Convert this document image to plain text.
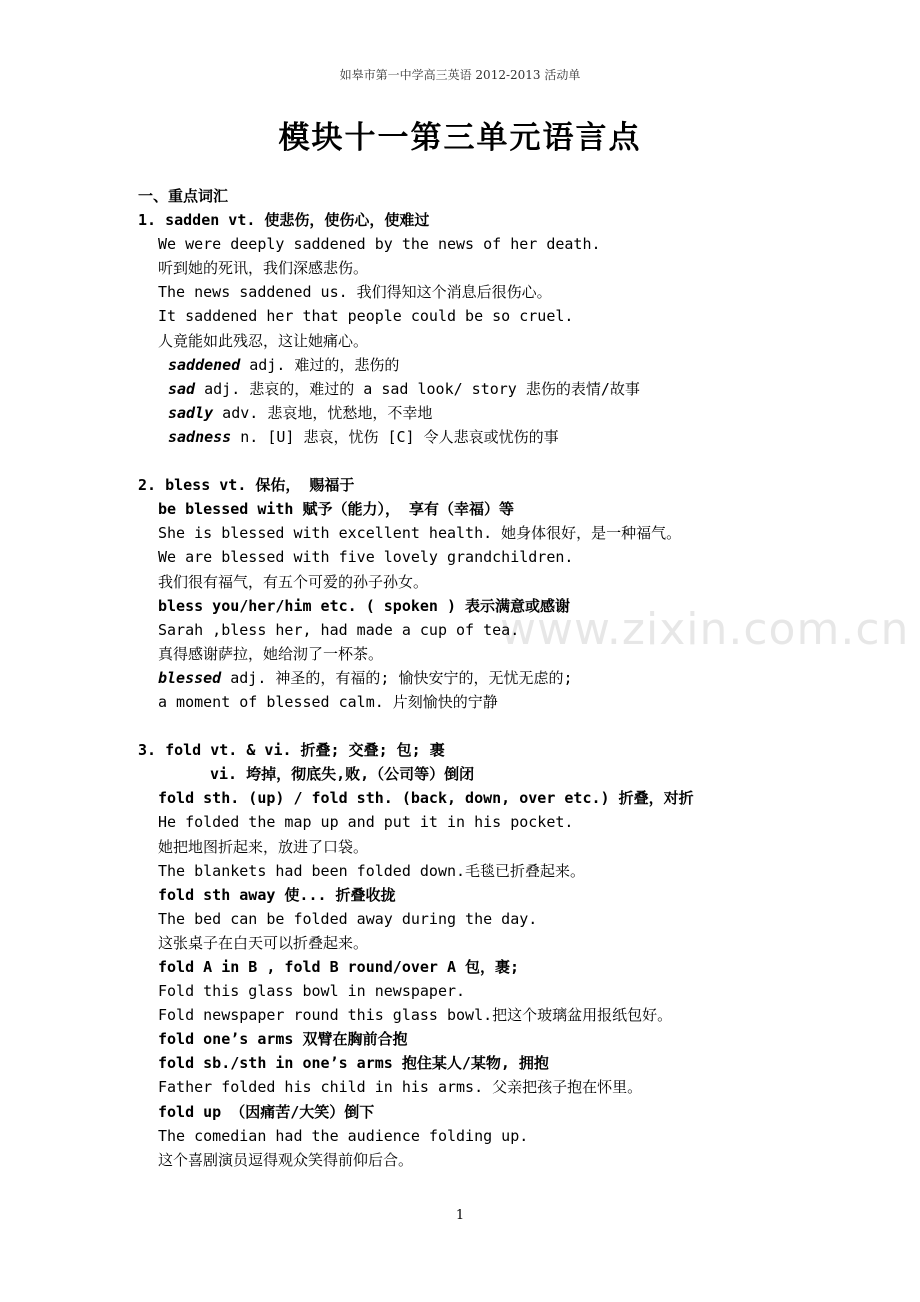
如皋市第一中学高三英语 2012-2013 活动单
模块十一第三单元语言点
www.zixin.com.cn
一、重点词汇
1. sadden vt. 使悲伤，使伤心，使难过
We were deeply saddened by the news of her death.
听到她的死讯，我们深感悲伤。
The news saddened us. 我们得知这个消息后很伤心。
It saddened her that people could be so cruel.
人竟能如此残忍，这让她痛心。
saddened adj. 难过的，悲伤的
sad adj. 悲哀的，难过的 a sad look/ story 悲伤的表情/故事
sadly adv. 悲哀地，忧愁地，不幸地
sadness n. [U] 悲哀，忧伤 [C] 令人悲哀或忧伤的事
2. bless vt. 保佑， 赐福于
be blessed with 赋予（能力）， 享有（幸福）等
She is blessed with excellent health. 她身体很好，是一种福气。
We are blessed with five lovely grandchildren.
我们很有福气，有五个可爱的孙子孙女。
bless you/her/him etc. ( spoken ) 表示满意或感谢
Sarah ,bless her, had made a cup of tea.
真得感谢萨拉，她给沏了一杯茶。
blessed adj. 神圣的，有福的; 愉快安宁的，无忧无虑的;
a moment of blessed calm. 片刻愉快的宁静
3. fold vt. & vi. 折叠; 交叠; 包; 裹
vi. 垮掉，彻底失,败,（公司等）倒闭
fold sth. (up) / fold sth. (back, down, over etc.) 折叠，对折
He folded the map up and put it in his pocket.
她把地图折起来，放进了口袋。
The blankets had been folded down.毛毯已折叠起来。
fold sth away 使... 折叠收拢
The bed can be folded away during the day.
这张桌子在白天可以折叠起来。
fold A in B , fold B round/over A 包，裹;
Fold this glass bowl in newspaper.
Fold newspaper round this glass bowl.把这个玻璃盆用报纸包好。
fold one’s arms 双臂在胸前合抱
fold sb./sth in one’s arms 抱住某人/某物, 拥抱
Father folded his child in his arms. 父亲把孩子抱在怀里。
fold up （因痛苦/大笑）倒下
The comedian had the audience folding up.
这个喜剧演员逗得观众笑得前仰后合。
1
